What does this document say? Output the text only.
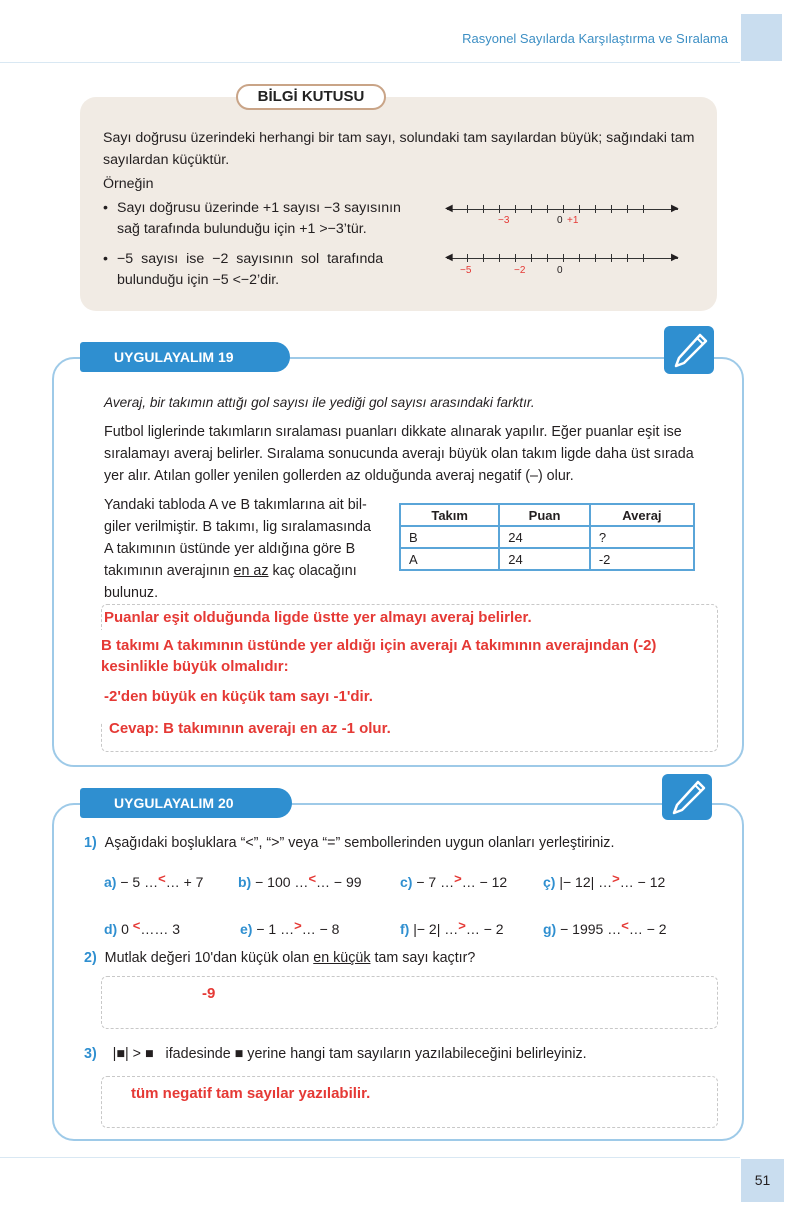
Rasyonel Sayılarda Karşılaştırma ve Sıralama
BİLGİ KUTUSU
Sayı doğrusu üzerindeki herhangi bir tam sayı, solundaki tam sayılardan büyük; sağındaki tam
sayılardan küçüktür.
Örneğin
• Sayı doğrusu üzerinde +1 sayısı −3 sayısının
sağ tarafında bulunduğu için +1 >−3’tür.
• −5 sayısı ise −2 sayısının sol tarafında
bulunduğu için −5 <−2’dir.
◀	▶
−3	0 +1
◀	▶
−5	−2	0
UYGULAYALIM 19
Averaj, bir takımın attığı gol sayısı ile yediği gol sayısı arasındaki farktır.
Futbol liglerinde takımların sıralaması puanları dikkate alınarak yapılır. Eğer puanlar eşit ise
sıralamayı averaj belirler. Sıralama sonucunda averajı büyük olan takım ligde daha üst sırada
yer alır. Atılan goller yenilen gollerden az olduğunda averaj negatif (–) olur.
Yandaki tabloda A ve B takımlarına ait bil-
giler verilmiştir. B takımı, lig sıralamasında
A takımının üstünde yer aldığına göre B
takımının averajının en az kaç olacağını
bulunuz.
Takım	Puan	Averaj
B	24	?
A	24	-2
Puanlar eşit olduğunda ligde üstte yer almayı averaj belirler.
B takımı A takımının üstünde yer aldığı için averajı A takımının averajından (-2)
kesinlikle büyük olmalıdır:
-2'den büyük en küçük tam sayı -1'dir.
Cevap: B takımının averajı en az -1 olur.
UYGULAYALIM 20
1) Aşağıdaki boşluklara “<”, “>” veya “=” sembollerinden uygun olanları yerleştiriniz.
a) − 5 …<… + 7 b) − 100 …<… − 99	c) − 7 …>… − 12	ç) |− 12| …>… − 12
d) 0 <…… 3	e) − 1 …>… − 8	f) |− 2| …>… − 2	g) − 1995 …<… − 2
2) Mutlak değeri 10'dan küçük olan en küçük tam sayı kaçtır?
-9
3) |■| > ■ ifadesinde ■ yerine hangi tam sayıların yazılabileceğini belirleyiniz.
tüm negatif tam sayılar yazılabilir.
51
